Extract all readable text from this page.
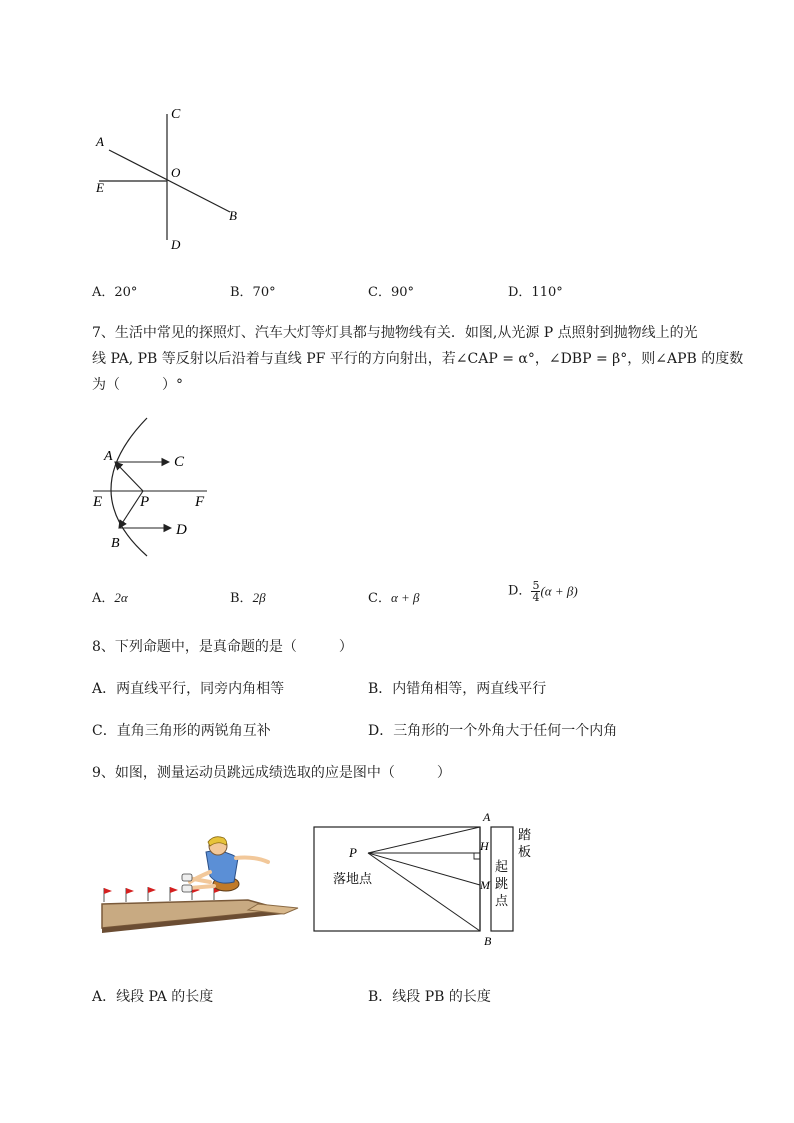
C
A
O
E
B
D
A．20°	B．70°	C．90°	D．110°
7、生活中常见的探照灯、汽车大灯等灯具都与抛物线有关．如图,从光源 P 点照射到抛物线上的光
线 PA, PB 等反射以后沿着与直线 PF 平行的方向射出，若∠CAP = α°，∠DBP = β°，则∠APB 的度数
为（　　　）°
A	C
E	P	F
D
B
A．2α	B．2β	C．α + β	D． $\frac{5}{4} (\alpha + \beta)$
8、下列命题中，是真命题的是（　　　）
A．两直线平行，同旁内角相等	B．内错角相等，两直线平行
C．直角三角形的两锐角互补	D．三角形的一个外角大于任何一个内角
9、如图，测量运动员跳远成绩选取的应是图中（　　　）
A
H
M
B
P
落地点
踏
板
起
跳
点
A．线段 PA 的长度	B．线段 PB 的长度
